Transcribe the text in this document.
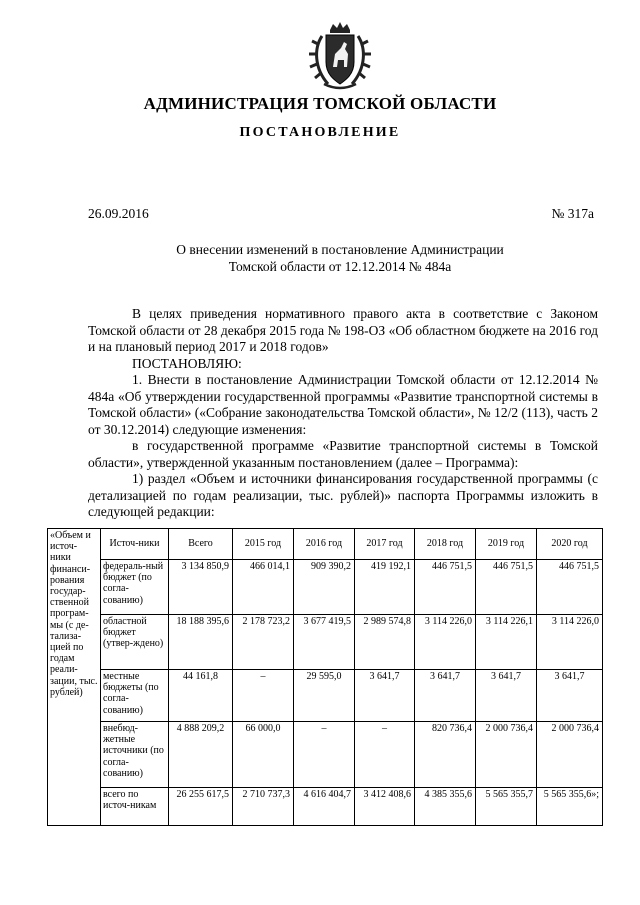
АДМИНИСТРАЦИЯ ТОМСКОЙ ОБЛАСТИ
ПОСТАНОВЛЕНИЕ
26.09.2016	№ 317а
О внесении изменений в постановление Администрации
Томской области от 12.12.2014 № 484а

В целях приведения нормативного правого акта в соответствие с Законом Томской области от 28 декабря 2015 года № 198-ОЗ «Об областном бюджете на 2016 год и на плановый период 2017 и 2018 годов»

ПОСТАНОВЛЯЮ:

1. Внести в постановление Администрации Томской области от 12.12.2014 № 484а «Об утверждении государственной программы «Развитие транспортной системы в Томской области» («Собрание законодательства Томской области», № 12/2 (113), часть 2 от 30.12.2014) следующие изменения:

в государственной программе «Развитие транспортной системы в Томской области», утвержденной указанным постановлением (далее – Программа):

1) раздел «Объем и источники финансирования государственной программы (с детализацией по годам реализации, тыс. рублей)» паспорта Программы изложить в следующей редакции:

«Объем и источ-ники финанси-рования государ-ственной програм-мы (с де-тализа-цией по годам реали-зации, тыс. рублей)	Источ-ники	Всего	2015 год	2016 год	2017 год	2018 год	2019 год	2020 год
	федераль-ный бюджет (по согла-сованию)	3 134 850,9	466 014,1	909 390,2	419 192,1	446 751,5	446 751,5	446 751,5
	областной бюджет (утвер-ждено)	18 188 395,6	2 178 723,2	3 677 419,5	2 989 574,8	3 114 226,0	3 114 226,1	3 114 226,0
	местные бюджеты (по согла-сованию)	44 161,8	–	29 595,0	3 641,7	3 641,7	3 641,7	3 641,7
	внебюд-жетные источники (по согла-сованию)	4 888 209,2	66 000,0	–	–	820 736,4	2 000 736,4	2 000 736,4
	всего по источ-никам	26 255 617,5	2 710 737,3	4 616 404,7	3 412 408,6	4 385 355,6	5 565 355,7	5 565 355,6»;
